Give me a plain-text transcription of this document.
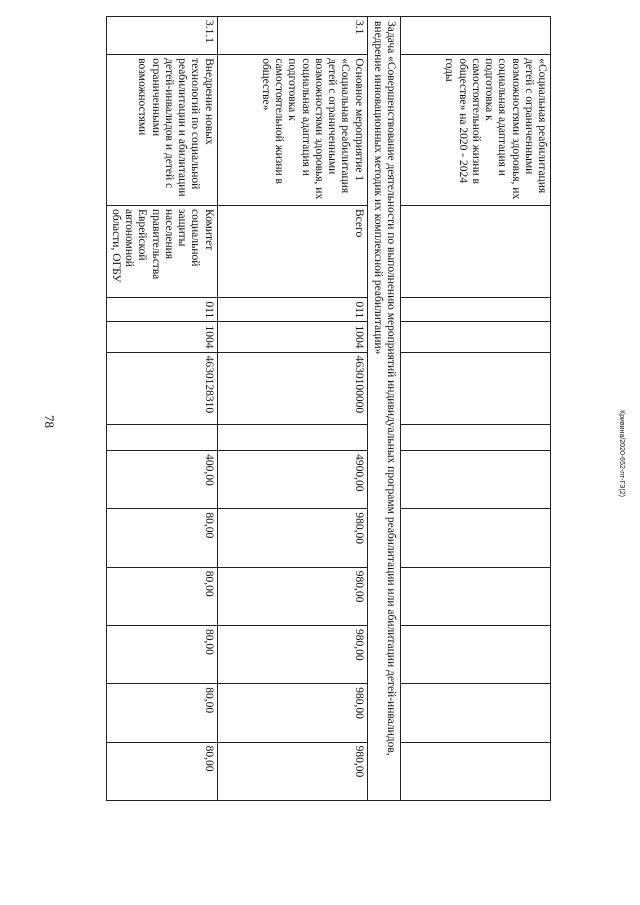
78	Кривина/2020-652-пт-ГЗ(2)
	«Социальная реабилитация детей с ограниченными возможностями здоровья, их социальная адаптация и подготовка к самостоятельной жизни в обществе» на 2020 - 2024 годы											
Задача «Совершенствование деятельности по выполнению мероприятий индивидуальных программ реабилитации или абилитации детей-инвалидов, внедрение инновационных методик их комплексной реабилитации»												
3.1	Основное мероприятие 1 «Социальная реабилитация детей с ограниченными возможностями здоровья, их социальная адаптация и подготовка к самостоятельной жизни в обществе»	Всего	011	1004	4630100000		4900,00	980,00	980,00	980,00	980,00	980,00
3.1.1	Внедрение новых технологий по социальной реабилитации и абилитации детей-инвалидов и детей с ограниченными возможностями	Комитет социальной защиты населения правительства Еврейской автономной области, ОГБУ	011	1004	4630128310		400,00	80,00	80,00	80,00	80,00	80,00
